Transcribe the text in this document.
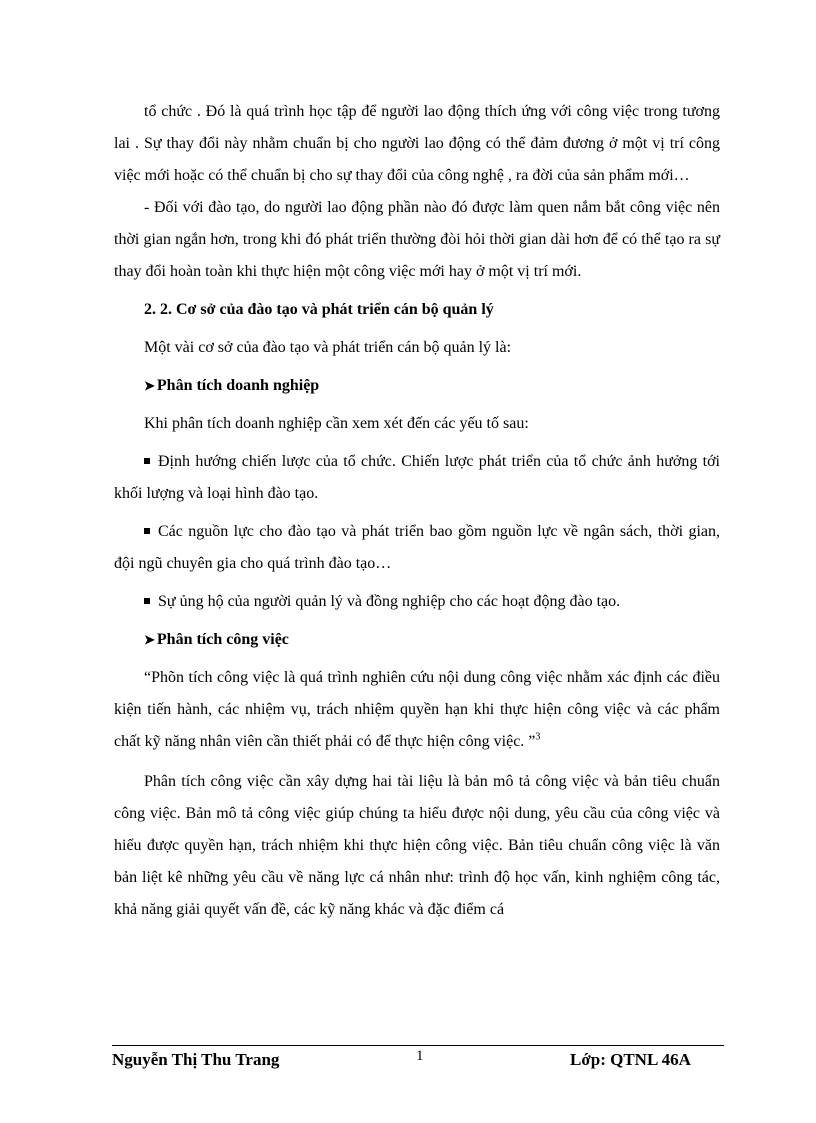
tổ chức . Đó là quá trình học tập để người lao động thích ứng với công việc trong tương lai . Sự thay đổi này nhằm chuẩn bị cho người lao động có thể đảm đương ở một vị trí công việc mới hoặc có thể chuẩn bị cho sự thay đổi của công nghệ , ra đời của sản phẩm mới…

- Đối với đào tạo, do người lao động phần nào đó được làm quen nắm bắt công việc nên thời gian ngắn hơn, trong khi đó phát triển thường đòi hỏi thời gian dài hơn để có thể tạo ra sự thay đổi hoàn toàn khi thực hiện một công việc mới hay ở một vị trí mới.

2. 2. Cơ sở của đào tạo và phát triển cán bộ quản lý

Một vài cơ sở của đào tạo và phát triển cán bộ quản lý là:

➤ Phân tích doanh nghiệp

Khi phân tích doanh nghiệp cần xem xét đến các yếu tố sau:

Định hướng chiến lược của tổ chức. Chiến lược phát triển của tổ chức ảnh hưởng tới khối lượng và loại hình đào tạo.

Các nguồn lực cho đào tạo và phát triển bao gồm nguồn lực về ngân sách, thời gian, đội ngũ chuyên gia cho quá trình đào tạo…

Sự ủng hộ của người quản lý và đồng nghiệp cho các hoạt động đào tạo.

➤ Phân tích công việc

“Phõn tích công việc là quá trình nghiên cứu nội dung công việc nhằm xác định các điều kiện tiến hành, các nhiệm vụ, trách nhiệm quyền hạn khi thực hiện công việc và các phẩm chất kỹ năng nhân viên cần thiết phải có để thực hiện công việc. ”$^3$

Phân tích công việc cần xây dựng hai tài liệu là bản mô tả công việc và bản tiêu chuẩn công việc. Bản mô tả công việc giúp chúng ta hiểu được nội dung, yêu cầu của công việc và hiểu được quyền hạn, trách nhiệm khi thực hiện công việc. Bản tiêu chuẩn công việc là văn bản liệt kê những yêu cầu về năng lực cá nhân như: trình độ học vấn, kinh nghiệm công tác, khả năng giải quyết vấn đề, các kỹ năng khác và đặc điểm cá

Nguyễn Thị Thu Trang	1	Lớp: QTNL 46A
